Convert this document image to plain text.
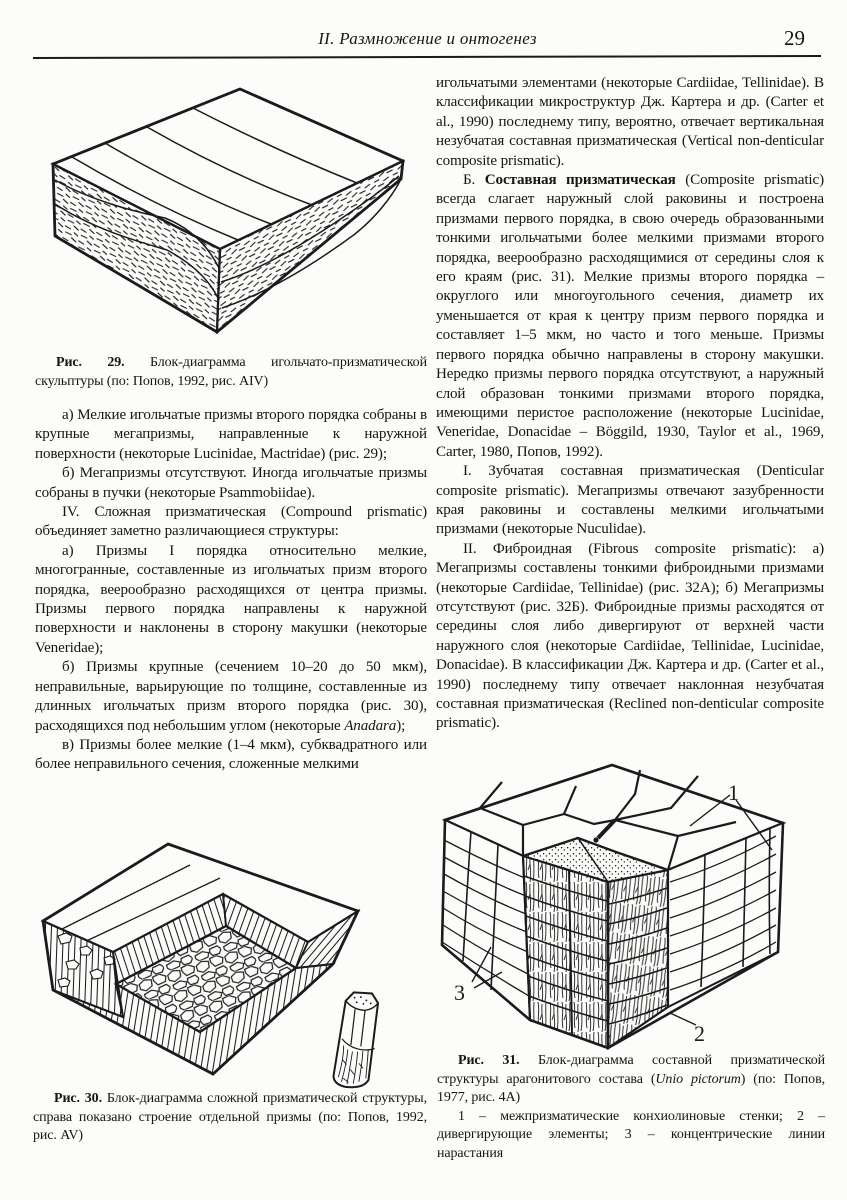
II. Размножение и онтогенез	29

Рис. 29. Блок-диаграмма игольчато-призматической скульптуры (по: Попов, 1992, рис. AIV)

а) Мелкие игольчатые призмы второго порядка собраны в крупные мегапризмы, направленные к наружной поверхности (некоторые Lucinidae, Mactridae) (рис. 29);

б) Мегапризмы отсутствуют. Иногда игольчатые призмы собраны в пучки (некоторые Psammobiidae).

IV. Сложная призматическая (Compound prismatic) объединяет заметно различающиеся структуры:

а) Призмы I порядка относительно мелкие, многогранные, составленные из игольчатых призм второго порядка, веерообразно расходящихся от центра призмы. Призмы первого порядка направлены к наружной поверхности и наклонены в сторону макушки (некоторые Veneridae);

б) Призмы крупные (сечением 10–20 до 50 мкм), неправильные, варьирующие по толщине, составленные из длинных игольчатых призм второго порядка (рис. 30), расходящихся под небольшим углом (некоторые Anadara);

в) Призмы более мелкие (1–4 мкм), субквадратного или более неправильного сечения, сложенные мелкими

Рис. 30. Блок-диаграмма сложной призматической структуры, справа показано строение отдельной призмы (по: Попов, 1992, рис. AV)

игольчатыми элементами (некоторые Cardiidae, Tellinidae). В классификации микроструктур Дж. Картера и др. (Carter et al., 1990) последнему типу, вероятно, отвечает вертикальная незубчатая составная призматическая (Vertical non-denticular composite prismatic).

Б. Составная призматическая (Composite prismatic) всегда слагает наружный слой раковины и построена призмами первого порядка, в свою очередь образованными тонкими игольчатыми более мелкими призмами второго порядка, веерообразно расходящимися от середины слоя к его краям (рис. 31). Мелкие призмы второго порядка – округлого или многоугольного сечения, диаметр их уменьшается от края к центру призм первого порядка и составляет 1–5 мкм, но часто и того меньше. Призмы первого порядка обычно направлены в сторону макушки. Нередко призмы первого порядка отсутствуют, а наружный слой образован тонкими призмами второго порядка, имеющими перистое расположение (некоторые Lucinidae, Veneridae, Donacidae – Böggild, 1930, Taylor et al., 1969, Carter, 1980, Попов, 1992).

I. Зубчатая составная призматическая (Denticular composite prismatic). Мегапризмы отвечают зазубренности края раковины и составлены мелкими игольчатыми призмами (некоторые Nuculidae).

II. Фиброидная (Fibrous composite prismatic): а) Мегапризмы составлены тонкими фиброидными призмами (некоторые Cardiidae, Tellinidae) (рис. 32А); б) Мегапризмы отсутствуют (рис. 32Б). Фиброидные призмы расходятся от середины слоя либо дивергируют от верхней части наружного слоя (некоторые Cardiidae, Tellinidae, Lucinidae, Donacidae). В классификации Дж. Картера и др. (Carter et al., 1990) последнему типу отвечает наклонная незубчатая составная призматическая (Reclined non-denticular composite prismatic).

1
3
2

Рис. 31. Блок-диаграмма составной призматической структуры арагонитового состава (Unio pictorum) (по: Попов, 1977, рис. 4А)

1 – межпризматические конхиолиновые стенки; 2 – дивергирующие элементы; 3 – концентрические линии нарастания
